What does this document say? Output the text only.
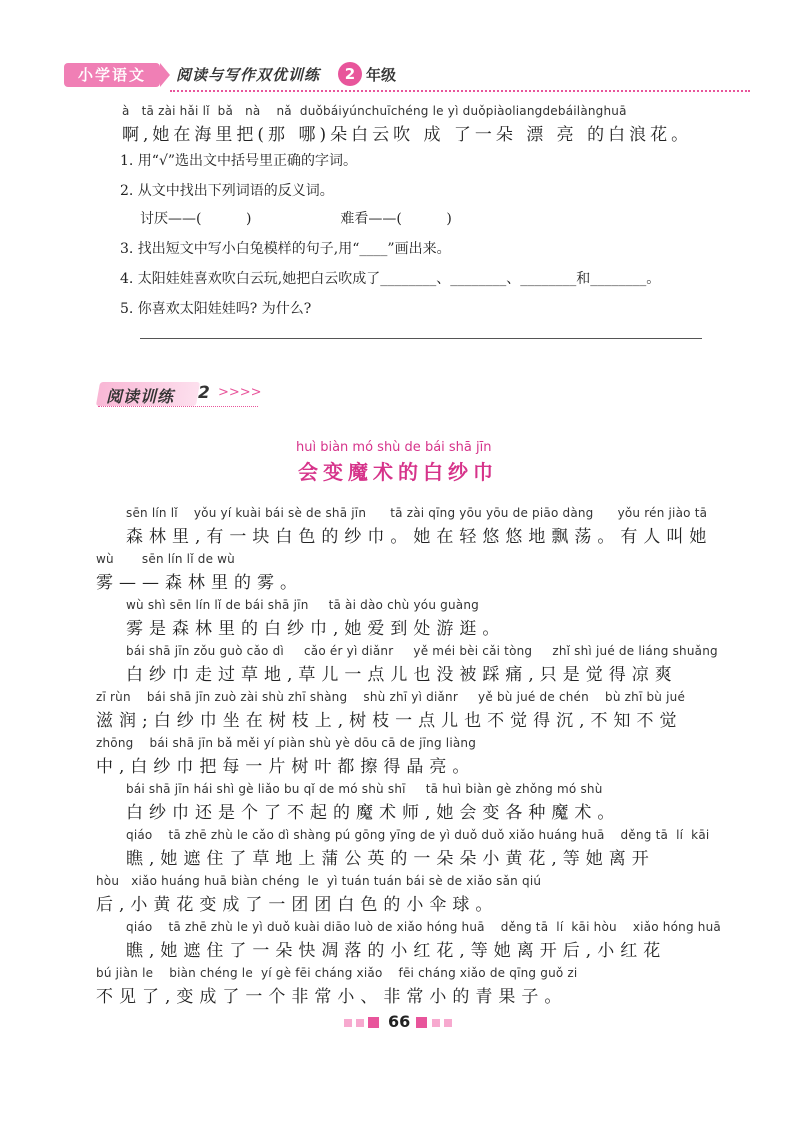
小学语文	阅读与写作双优训练	2 年级
à   tā zài hǎi lǐ  bǎ   nà    nǎ  duǒbáiyúnchuīchéng le yì duǒpiàoliangdebáilànghuā
啊,她在海里把(那 哪)朵白云吹 成 了一朵 漂 亮 的白浪花。
1. 用“√”选出文中括号里正确的字词。
2. 从文中找出下列词语的反义词。
讨厌——(          )                    难看——(          )
3. 找出短文中写小白兔模样的句子,用“____”画出来。
4. 太阳娃娃喜欢吹白云玩,她把白云吹成了________、________、________和________。
5. 你喜欢太阳娃娃吗? 为什么?
阅读训练 2 >>>>
huì biàn mó shù de bái shā jīn
会变魔术的白纱巾
sēn lín lǐ    yǒu yí kuài bái sè de shā jīn      tā zài qīng yōu yōu de piāo dàng      yǒu rén jiào tā
森林里,有一块白色的纱巾。她在轻悠悠地飘荡。有人叫她
wù       sēn lín lǐ de wù
雾——森林里的雾。
wù shì sēn lín lǐ de bái shā jīn     tā ài dào chù yóu guàng
雾是森林里的白纱巾,她爱到处游逛。
bái shā jīn zǒu guò cǎo dì     cǎo ér yì diǎnr     yě méi bèi cǎi tòng     zhǐ shì jué de liáng shuǎng
白纱巾走过草地,草儿一点儿也没被踩痛,只是觉得凉爽
zī rùn    bái shā jīn zuò zài shù zhī shàng    shù zhī yì diǎnr     yě bù jué de chén    bù zhī bù jué
滋润;白纱巾坐在树枝上,树枝一点儿也不觉得沉,不知不觉
zhōng    bái shā jīn bǎ měi yí piàn shù yè dōu cā de jīng liàng
中,白纱巾把每一片树叶都擦得晶亮。
bái shā jīn hái shì gè liǎo bu qǐ de mó shù shī     tā huì biàn gè zhǒng mó shù
白纱巾还是个了不起的魔术师,她会变各种魔术。
qiáo    tā zhē zhù le cǎo dì shàng pú gōng yīng de yì duǒ duǒ xiǎo huáng huā    děng tā  lí  kāi
瞧,她遮住了草地上蒲公英的一朵朵小黄花,等她离开
hòu   xiǎo huáng huā biàn chéng  le  yì tuán tuán bái sè de xiǎo sǎn qiú
后,小黄花变成了一团团白色的小伞球。
qiáo    tā zhē zhù le yì duǒ kuài diāo luò de xiǎo hóng huā    děng tā  lí  kāi hòu    xiǎo hóng huā
瞧,她遮住了一朵快凋落的小红花,等她离开后,小红花
bú jiàn le    biàn chéng le  yí gè fēi cháng xiǎo    fēi cháng xiǎo de qīng guǒ zi
不见了,变成了一个非常小、非常小的青果子。
66
